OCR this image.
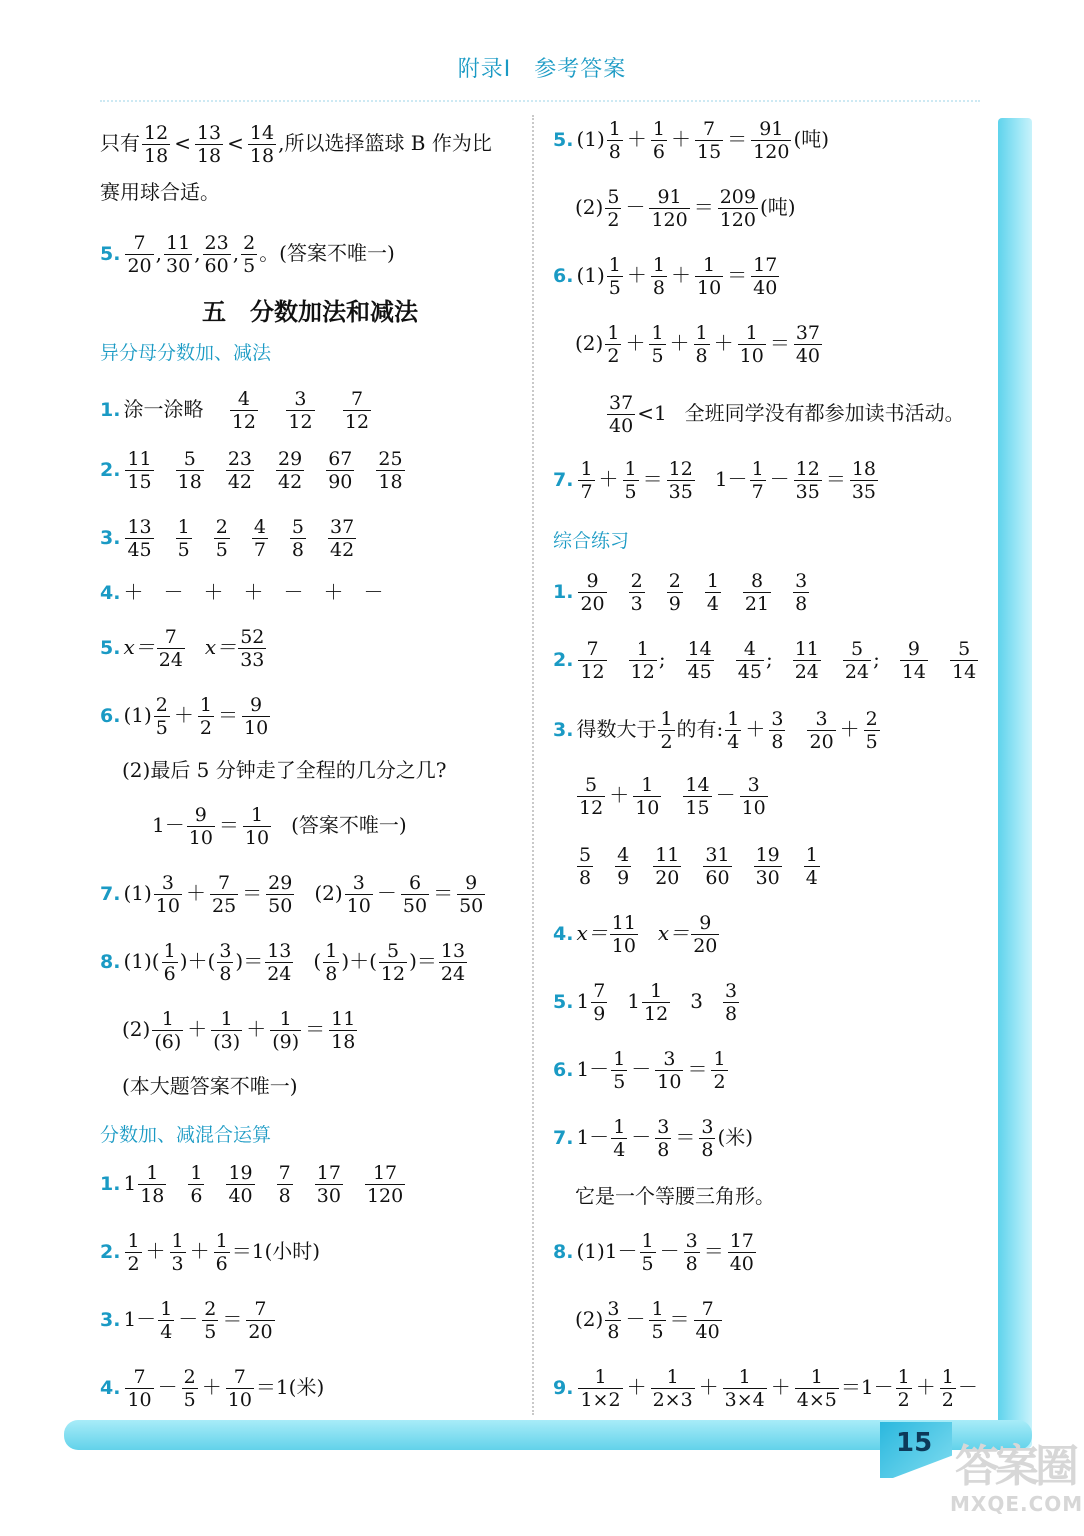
15 答案圈
MXQE.COM
附录Ⅰ　参考答案
只有 $\frac{12}{18} < \frac{13}{18} < \frac{14}{18}$ ,所以选择篮球 B 作为比
赛用球合适。
5. $\frac{7}{20}$ , $\frac{11}{30}$ , $\frac{23}{60}$ , $\frac{2}{5}$ 。(答案不唯一)
五　分数加法和减法
异分母分数加、减法
1. 涂一涂略 $\frac{4}{12}$
$\frac{3}{12}$
$\frac{7}{12}$
2. $\frac{11}{15} \frac{5}{18} \frac{23}{42} \frac{29}{42} \frac{67}{90} \frac{25}{18}$
3. $\frac{13}{45} \frac{1}{5} \frac{2}{5} \frac{4}{7} \frac{5}{8} \frac{37}{42}$
4. ＋　－　＋　＋　－　＋　－
5. $x= \frac{7}{24} x= \frac{52}{33}$
6. $(1) \frac{2}{5} + \frac{1}{2} = \frac{9}{10}$
(2)最后 5 分钟走了全程的几分之几?
$1- \frac{9}{10} = \frac{1}{10}$ (答案不唯一)
7. $(1) \frac{3}{10} + \frac{7}{25} = \frac{29}{50} (2) \frac{3}{10} - \frac{6}{50} = \frac{9}{50}$
8. $(1)( \frac{1}{6}$ )＋( $\frac{3}{8}$ )＝ $\frac{13}{24}$ ( $\frac{1}{8}$ )＋( $\frac{5}{12}$ )＝ $\frac{13}{24}$
$(2) \frac{1}{(6)} + \frac{1}{(3)} + \frac{1}{(9)} = \frac{11}{18}$
(本大题答案不唯一)
分数加、减混合运算
1. $1 \frac{1}{18} \frac{1}{6} \frac{19}{40} \frac{7}{8} \frac{17}{30} \frac{17}{120}$
2. $\frac{1}{2} + \frac{1}{3} + \frac{1}{6} =1$(小时)
3. $1- \frac{1}{4} - \frac{2}{5} = \frac{7}{20}$
4. $\frac{7}{10} - \frac{2}{5} + \frac{7}{10} =1$(米)
5. $(1) \frac{1}{8} + \frac{1}{6} + \frac{7}{15} = \frac{91}{120}$ (吨)
$(2) \frac{5}{2} - \frac{91}{120} = \frac{209}{120}$ (吨)
6. $(1) \frac{1}{5} + \frac{1}{8} + \frac{1}{10} = \frac{17}{40}$
$(2) \frac{1}{2} + \frac{1}{5} + \frac{1}{8} + \frac{1}{10} = \frac{37}{40}$
$\frac{37}{40} <1$ 全班同学没有都参加读书活动。
7. $\frac{1}{7} + \frac{1}{5} = \frac{12}{35} 1- \frac{1}{7} - \frac{12}{35} = \frac{18}{35}$
综合练习
1. $\frac{9}{20} \frac{2}{3} \frac{2}{9} \frac{1}{4} \frac{8}{21} \frac{3}{8}$
2. $\frac{7}{12} \frac{1}{12}$ ; $\frac{14}{45} \frac{4}{45}$ ; $\frac{11}{24} \frac{5}{24}$ ; $\frac{9}{14} \frac{5}{14}$
3. 得数大于 $\frac{1}{2}$ 的有: $\frac{1}{4} + \frac{3}{8} \frac{3}{20} + \frac{2}{5}$
$\frac{5}{12} + \frac{1}{10} \frac{14}{15} - \frac{3}{10}$
$\frac{5}{8} \frac{4}{9} \frac{11}{20} \frac{31}{60} \frac{19}{30} \frac{1}{4}$
4. $x= \frac{11}{10} x= \frac{9}{20}$
5. $1 \frac{7}{9} 1 \frac{1}{12} 3 \frac{3}{8}$
6. $1- \frac{1}{5} - \frac{3}{10} = \frac{1}{2}$
7. $1- \frac{1}{4} - \frac{3}{8} = \frac{3}{8}$ (米)
它是一个等腰三角形。
8. $(1)1- \frac{1}{5} - \frac{3}{8} = \frac{17}{40}$
$(2) \frac{3}{8} - \frac{1}{5} = \frac{7}{40}$
9. $\frac{1}{1\times 2} + \frac{1}{2\times 3} + \frac{1}{3\times 4} + \frac{1}{4\times 5} =1- \frac{1}{2} + \frac{1}{2}$ －
